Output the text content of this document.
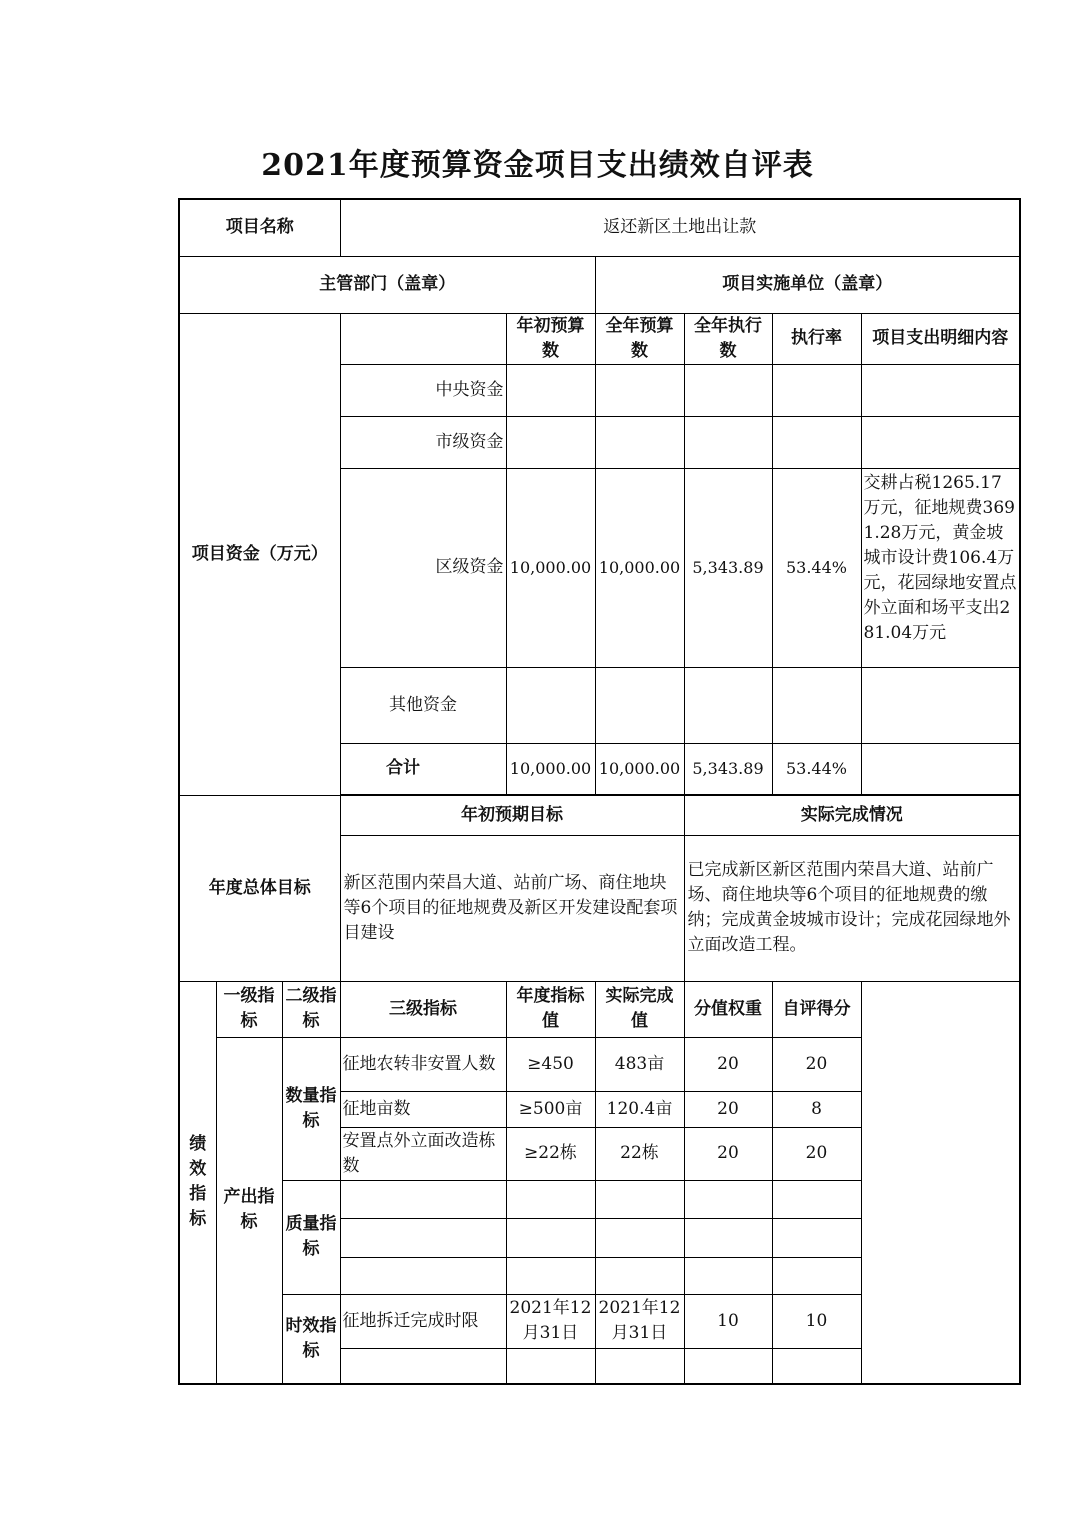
2021年度预算资金项目支出绩效自评表
项目名称			返还新区土地出让款					
主管部门（盖章）					项目实施单位（盖章）			
项目资金（万元）				年初预算数	全年预算数	全年执行数	执行率	项目支出明细内容
			中央资金					
			市级资金					
			区级资金	10,000.00	10,000.00	5,343.89	53.44%	交耕占税1265.17万元，征地规费3691.28万元，黄金坡城市设计费106.4万元，花园绿地安置点外立面和场平支出281.04万元
			其他资金					
			合计	10,000.00	10,000.00	5,343.89	53.44%	

年度总体目标			年初预期目标			实际完成情况		
			新区范围内荣昌大道、站前广场、商住地块等6个项目的征地规费及新区开发建设配套项目建设			已完成新区新区范围内荣昌大道、站前广场、商住地块等6个项目的征地规费的缴纳；完成黄金坡城市设计；完成花园绿地外立面改造工程。		
绩效指标	一级指标	二级指标	三级指标	年度指标值	实际完成值	分值权重	自评得分	
	产出指标	数量指标	征地农转非安置人数	≥450	483亩	20	20	
			征地亩数	≥500亩	120.4亩	20	8	
			安置点外立面改造栋数	≥22栋	22栋	20	20	
		质量指标						

		时效指标	征地拆迁完成时限	2021年12月31日	2021年12月31日	10	10	
